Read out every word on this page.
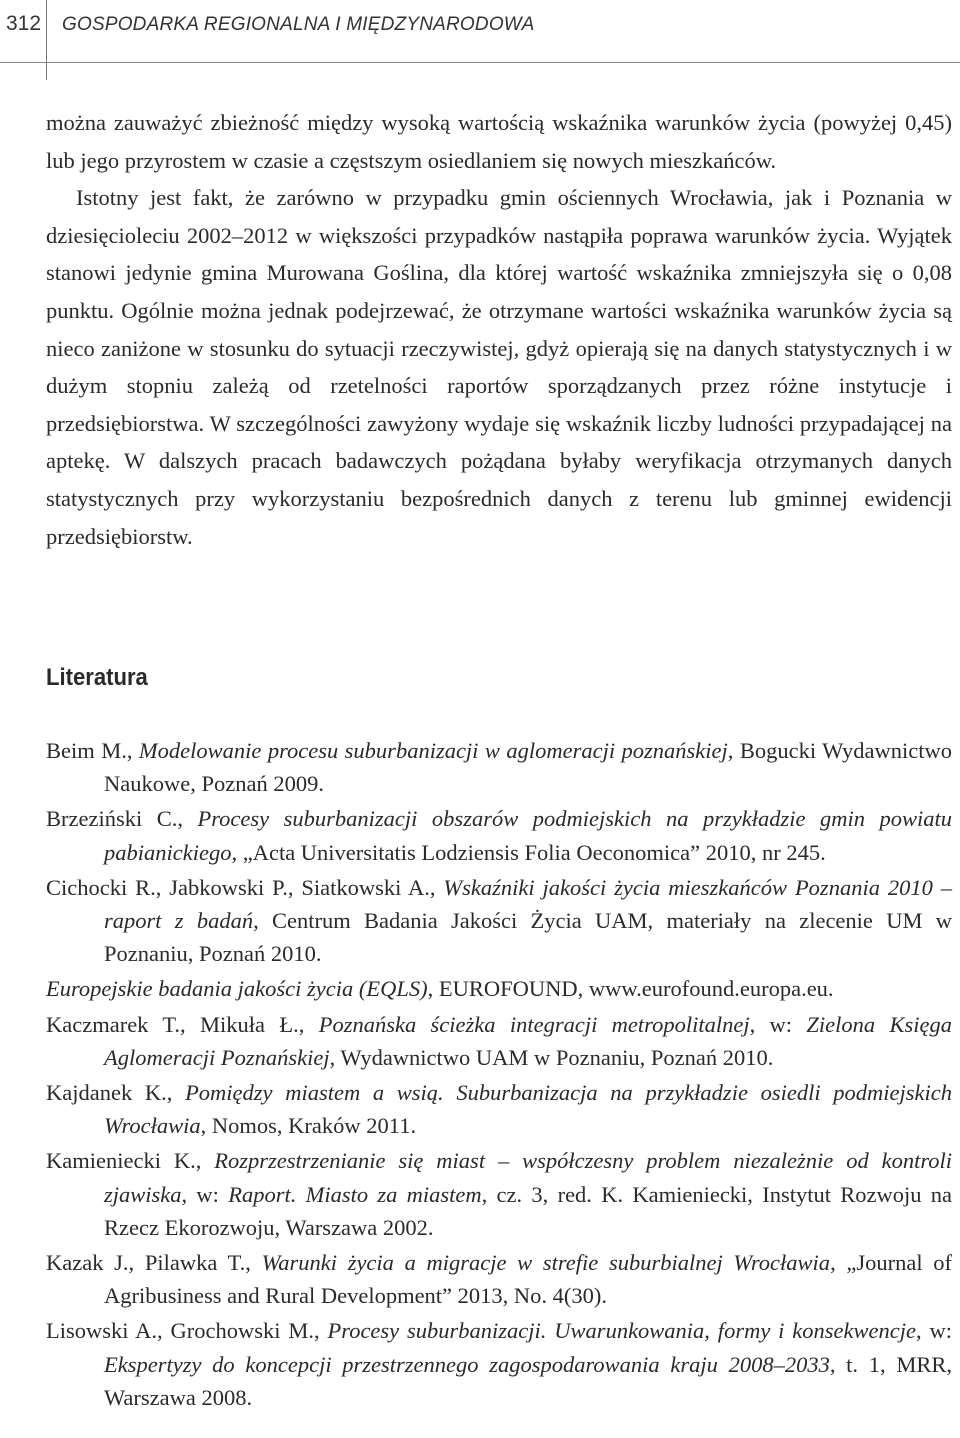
312 GOSPODARKA REGIONALNA I MIĘDZYNARODOWA

można zauważyć zbieżność między wysoką wartością wskaźnika warunków życia (powyżej 0,45) lub jego przyrostem w czasie a częstszym osiedlaniem się nowych mieszkańców.

Istotny jest fakt, że zarówno w przypadku gmin ościennych Wrocławia, jak i Poznania w dziesięcioleciu 2002–2012 w większości przypadków nastąpiła poprawa warunków życia. Wyjątek stanowi jedynie gmina Murowana Goślina, dla której wartość wskaźnika zmniejszyła się o 0,08 punktu. Ogólnie można jednak podejrzewać, że otrzymane wartości wskaźnika warunków życia są nieco zaniżone w stosunku do sytuacji rzeczywistej, gdyż opierają się na danych statystycznych i w dużym stopniu zależą od rzetelności raportów sporządzanych przez różne instytucje i przedsiębiorstwa. W szczególności zawyżony wydaje się wskaźnik liczby ludności przypadającej na aptekę. W dalszych pracach badawczych pożądana byłaby weryfikacja otrzymanych danych statystycznych przy wykorzystaniu bezpośrednich danych z terenu lub gminnej ewidencji przedsiębiorstw.

Literatura

Beim M., Modelowanie procesu suburbanizacji w aglomeracji poznańskiej, Bogucki Wydawnictwo Naukowe, Poznań 2009.

Brzeziński C., Procesy suburbanizacji obszarów podmiejskich na przykładzie gmin powiatu pabianickiego, „Acta Universitatis Lodziensis Folia Oeconomica” 2010, nr 245.

Cichocki R., Jabkowski P., Siatkowski A., Wskaźniki jakości życia mieszkańców Poznania 2010 – raport z badań, Centrum Badania Jakości Życia UAM, materiały na zlecenie UM w Poznaniu, Poznań 2010.

Europejskie badania jakości życia (EQLS), EUROFOUND, www.eurofound.europa.eu.

Kaczmarek T., Mikuła Ł., Poznańska ścieżka integracji metropolitalnej, w: Zielona Księga Aglomeracji Poznańskiej, Wydawnictwo UAM w Poznaniu, Poznań 2010.

Kajdanek K., Pomiędzy miastem a wsią. Suburbanizacja na przykładzie osiedli podmiejskich Wrocławia, Nomos, Kraków 2011.

Kamieniecki K., Rozprzestrzenianie się miast – współczesny problem niezależnie od kontroli zjawiska, w: Raport. Miasto za miastem, cz. 3, red. K. Kamieniecki, Instytut Rozwoju na Rzecz Ekorozwoju, Warszawa 2002.

Kazak J., Pilawka T., Warunki życia a migracje w strefie suburbialnej Wrocławia, „Journal of Agribusiness and Rural Development” 2013, No. 4(30).

Lisowski A., Grochowski M., Procesy suburbanizacji. Uwarunkowania, formy i konsekwencje, w: Ekspertyzy do koncepcji przestrzennego zagospodarowania kraju 2008–2033, t. 1, MRR, Warszawa 2008.
